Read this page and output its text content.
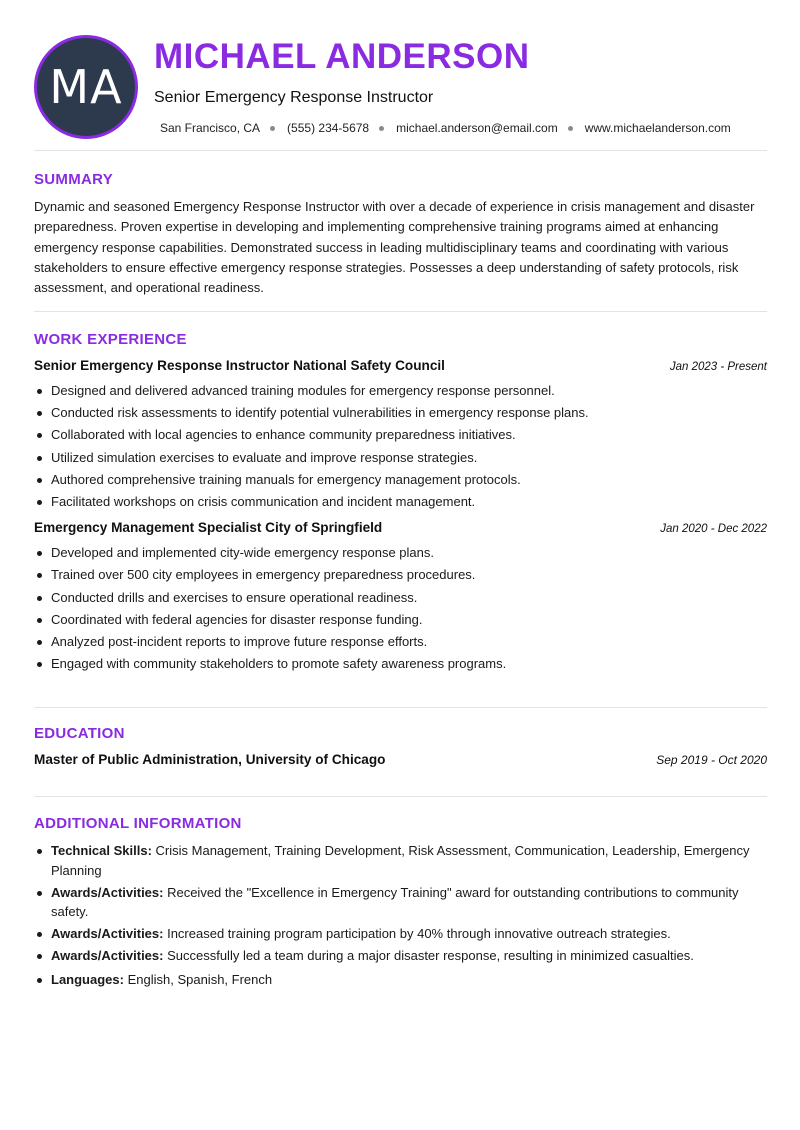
MA
MICHAEL ANDERSON
Senior Emergency Response Instructor
San Francisco, CA (555) 234-5678 michael.anderson@email.com www.michaelanderson.com
SUMMARY

Dynamic and seasoned Emergency Response Instructor with over a decade of experience in crisis management and disaster preparedness. Proven expertise in developing and implementing comprehensive training programs aimed at enhancing emergency response capabilities. Demonstrated success in leading multidisciplinary teams and coordinating with various stakeholders to ensure effective emergency response strategies. Possesses a deep understanding of safety protocols, risk assessment, and operational readiness.

WORK EXPERIENCE
Senior Emergency Response Instructor National Safety Council	Jan 2023 - Present
Designed and delivered advanced training modules for emergency response personnel.
Conducted risk assessments to identify potential vulnerabilities in emergency response plans.
Collaborated with local agencies to enhance community preparedness initiatives.
Utilized simulation exercises to evaluate and improve response strategies.
Authored comprehensive training manuals for emergency management protocols.
Facilitated workshops on crisis communication and incident management.
Emergency Management Specialist City of Springfield	Jan 2020 - Dec 2022
Developed and implemented city-wide emergency response plans.
Trained over 500 city employees in emergency preparedness procedures.
Conducted drills and exercises to ensure operational readiness.
Coordinated with federal agencies for disaster response funding.
Analyzed post-incident reports to improve future response efforts.
Engaged with community stakeholders to promote safety awareness programs.
EDUCATION
Master of Public Administration, University of Chicago	Sep 2019 - Oct 2020
ADDITIONAL INFORMATION
Technical Skills: Crisis Management, Training Development, Risk Assessment, Communication, Leadership, Emergency Planning
Awards/Activities: Received the "Excellence in Emergency Training" award for outstanding contributions to community safety.
Awards/Activities: Increased training program participation by 40% through innovative outreach strategies.
Awards/Activities: Successfully led a team during a major disaster response, resulting in minimized casualties.
Languages: English, Spanish, French
